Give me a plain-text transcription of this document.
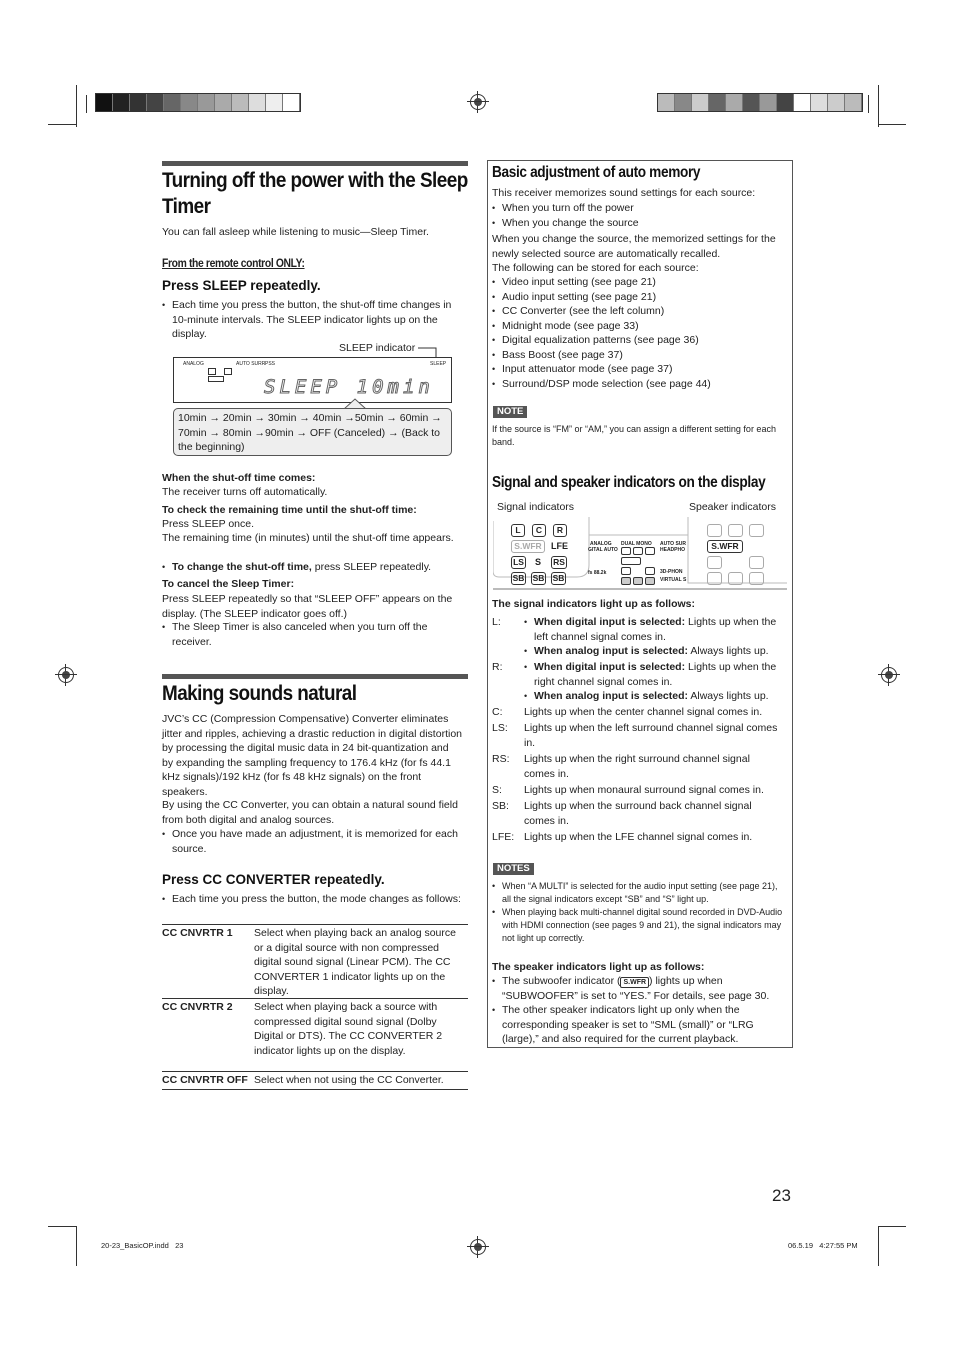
Turning off the power with the Sleep
Timer
You can fall asleep while listening to music—Sleep Timer.
From the remote control ONLY:
Press SLEEP repeatedly.
• Each time you press the button, the shut-off time changes in 10-minute intervals. The SLEEP indicator lights up on the display.
SLEEP indicator
ANALOG	AUTO SURR PSS	SLEEP
SLEEP 10min
10min → 20min → 30min → 40min →50min → 60min → 70min → 80min →90min → OFF (Canceled) → (Back to the beginning)
When the shut-off time comes:
The receiver turns off automatically.
To check the remaining time until the shut-off time:
Press SLEEP once.
The remaining time (in minutes) until the shut-off time appears.
• To change the shut-off time, press SLEEP repeatedly.
To cancel the Sleep Timer:
Press SLEEP repeatedly so that “SLEEP OFF” appears on the display. (The SLEEP indicator goes off.)
• The Sleep Timer is also canceled when you turn off the receiver.
Making sounds natural
JVC’s CC (Compression Compensative) Converter eliminates jitter and ripples, achieving a drastic reduction in digital distortion by processing the digital music data in 24 bit-quantization and by expanding the sampling frequency to 176.4 kHz (for fs 44.1 kHz signals)/192 kHz (for fs 48 kHz signals) on the front speakers.
By using the CC Converter, you can obtain a natural sound field from both digital and analog sources.
• Once you have made an adjustment, it is memorized for each source.
Press CC CONVERTER repeatedly.
• Each time you press the button, the mode changes as follows:
CC CNVRTR 1 Select when playing back an analog source or a digital source with non compressed digital sound signal (Linear PCM). The CC CONVERTER 1 indicator lights up on the display.
CC CNVRTR 2 Select when playing back a source with compressed digital sound signal (Dolby Digital or DTS). The CC CONVERTER 2 indicator lights up on the display.
CC CNVRTR OFF Select when not using the CC Converter.
Basic adjustment of auto memory
This receiver memorizes sound settings for each source:
• When you turn off the power
• When you change the source
When you change the source, the memorized settings for the newly selected source are automatically recalled.
The following can be stored for each source:
• Video input setting (see page 21)
• Audio input setting (see page 21)
• CC Converter (see the left column)
• Midnight mode (see page 33)
• Digital equalization patterns (see page 36)
• Bass Boost (see page 37)
• Input attenuator mode (see page 37)
• Surround/DSP mode selection (see page 44)
NOTE
If the source is “FM” or “AM,” you can assign a different setting for each band.
Signal and speaker indicators on the display
Signal indicators	Speaker indicators
L	C	R
S.WFR	LFE
LS S RS
SB SB SB
ANALOG DUAL MONO AUTO SUR
GITAL AUTO	HEADPHO
3D-PHON
VIRTUAL S
fs 88.2k
S.WFR
The signal indicators light up as follows:
L:	• When digital input is selected: Lights up when the left channel signal comes in.
• When analog input is selected: Always lights up.
R:	• When digital input is selected: Lights up when the right channel signal comes in.
• When analog input is selected: Always lights up.
C: Lights up when the center channel signal comes in.
LS: Lights up when the left surround channel signal comes in.
RS: Lights up when the right surround channel signal comes in.
S: Lights up when monaural surround signal comes in.
SB: Lights up when the surround back channel signal comes in.
LFE: Lights up when the LFE channel signal comes in.
NOTES
• When “A MULTI” is selected for the audio input setting (see page 21), all the signal indicators except “SB” and “S” light up.
• When playing back multi-channel digital sound recorded in DVD-Audio with HDMI connection (see pages 9 and 21), the signal indicators may not light up correctly.
The speaker indicators light up as follows:
• The subwoofer indicator ( S.WFR ) lights up when “SUBWOOFER” is set to “YES.” For details, see page 30.
• The other speaker indicators light up only when the corresponding speaker is set to “SML (small)” or “LRG (large),” and also required for the current playback.
23
20-23_BasicOP.indd   23	06.5.19   4:27:55 PM
